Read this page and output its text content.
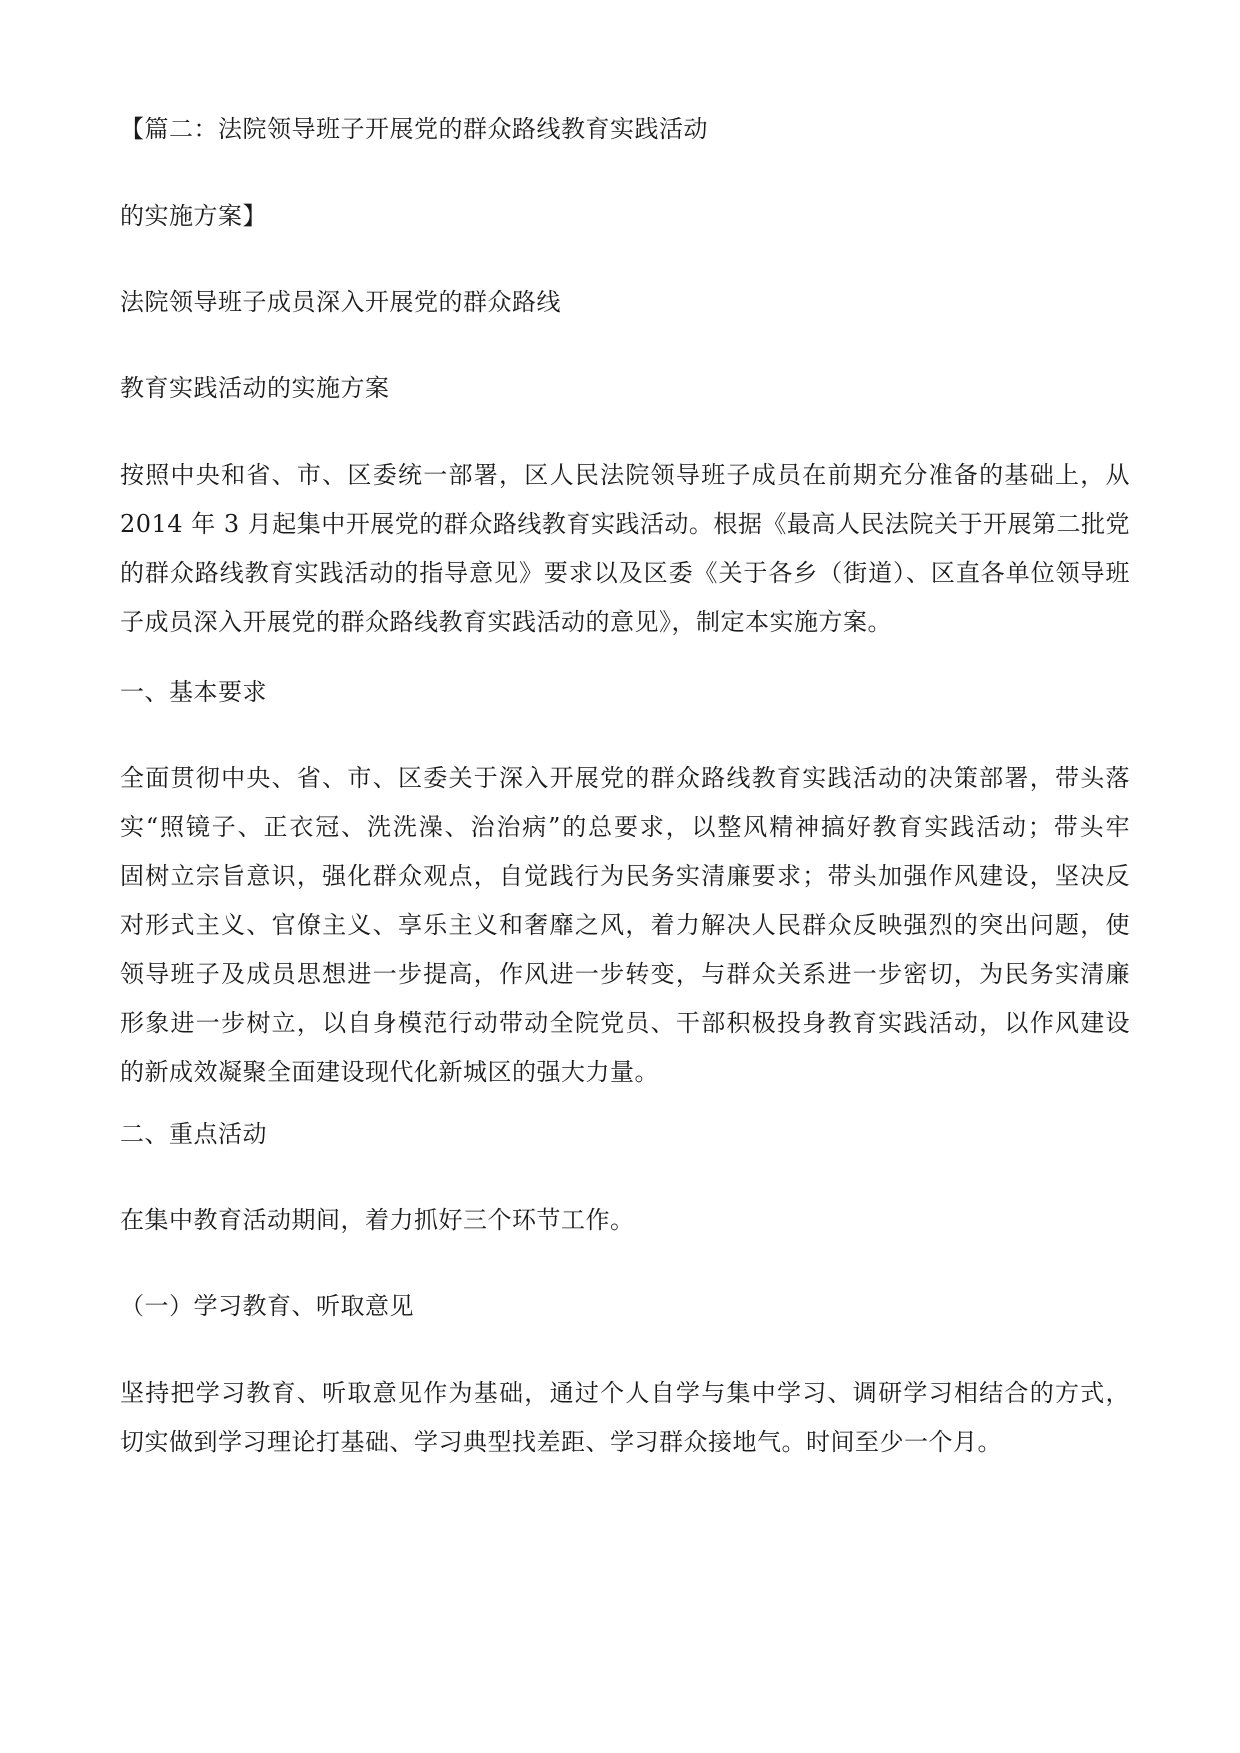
【篇二：法院领导班子开展党的群众路线教育实践活动
的实施方案】
法院领导班子成员深入开展党的群众路线
教育实践活动的实施方案
按照中央和省、市、区委统一部署，区人民法院领导班子成员在前期充分准备的基础上，从
2014 年 3 月起集中开展党的群众路线教育实践活动。根据《最高人民法院关于开展第二批党
的群众路线教育实践活动的指导意见》要求以及区委《关于各乡（街道）、区直各单位领导班
子成员深入开展党的群众路线教育实践活动的意见》，制定本实施方案。
一、基本要求
全面贯彻中央、省、市、区委关于深入开展党的群众路线教育实践活动的决策部署，带头落
实“照镜子、正衣冠、洗洗澡、治治病”的总要求，以整风精神搞好教育实践活动；带头牢
固树立宗旨意识，强化群众观点，自觉践行为民务实清廉要求；带头加强作风建设，坚决反
对形式主义、官僚主义、享乐主义和奢靡之风，着力解决人民群众反映强烈的突出问题，使
领导班子及成员思想进一步提高，作风进一步转变，与群众关系进一步密切，为民务实清廉
形象进一步树立，以自身模范行动带动全院党员、干部积极投身教育实践活动，以作风建设
的新成效凝聚全面建设现代化新城区的强大力量。
二、重点活动
在集中教育活动期间，着力抓好三个环节工作。
（一）学习教育、听取意见
坚持把学习教育、听取意见作为基础，通过个人自学与集中学习、调研学习相结合的方式，
切实做到学习理论打基础、学习典型找差距、学习群众接地气。时间至少一个月。
